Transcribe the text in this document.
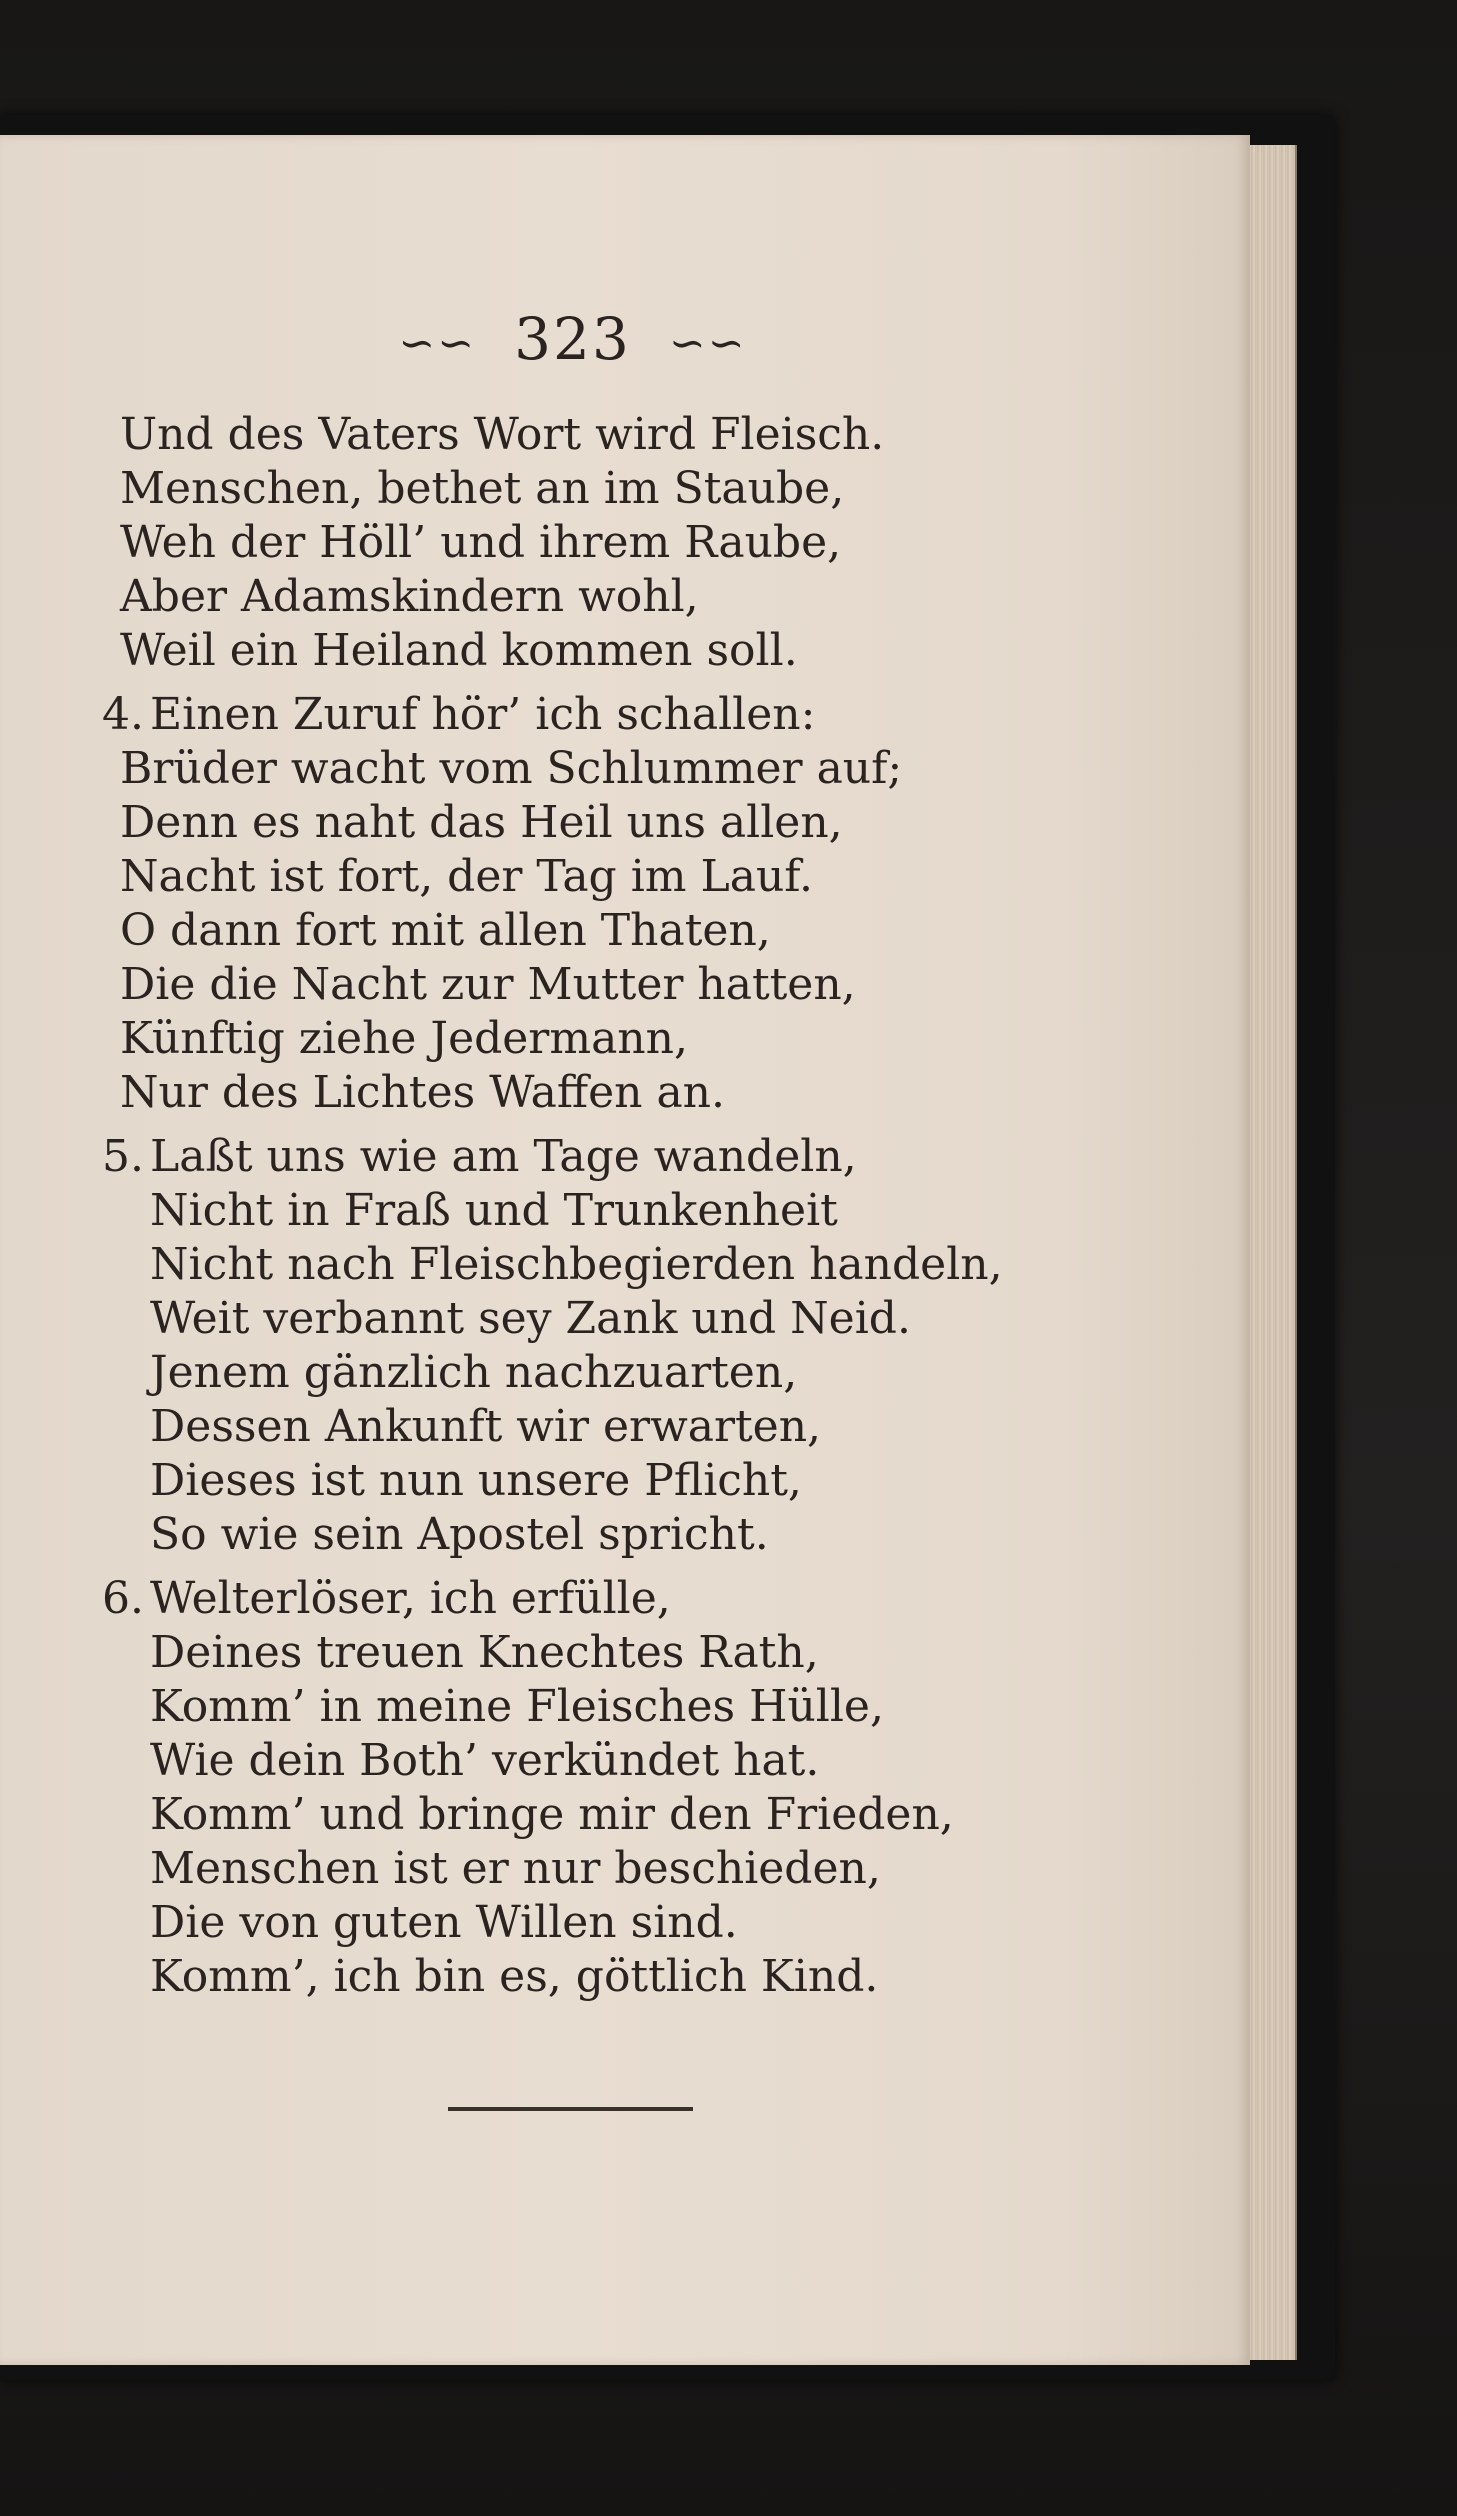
∽∽ 323 ∽∽
Und des Vaters Wort wird Fleisch.
Menschen, bethet an im Staube,
Weh der Höll’ und ihrem Raube,
Aber Adamskindern wohl,
Weil ein Heiland kommen soll.
4. Einen Zuruf hör’ ich schallen:
Brüder wacht vom Schlummer auf;
Denn es naht das Heil uns allen,
Nacht ist fort, der Tag im Lauf.
O dann fort mit allen Thaten,
Die die Nacht zur Mutter hatten,
Künftig ziehe Jedermann,
Nur des Lichtes Waffen an.
5. Laßt uns wie am Tage wandeln,
Nicht in Fraß und Trunkenheit
Nicht nach Fleischbegierden handeln,
Weit verbannt sey Zank und Neid.
Jenem gänzlich nachzuarten,
Dessen Ankunft wir erwarten,
Dieses ist nun unsere Pflicht,
So wie sein Apostel spricht.
6. Welterlöser, ich erfülle,
Deines treuen Knechtes Rath,
Komm’ in meine Fleisches Hülle,
Wie dein Both’ verkündet hat.
Komm’ und bringe mir den Frieden,
Menschen ist er nur beschieden,
Die von guten Willen sind.
Komm’, ich bin es, göttlich Kind.
